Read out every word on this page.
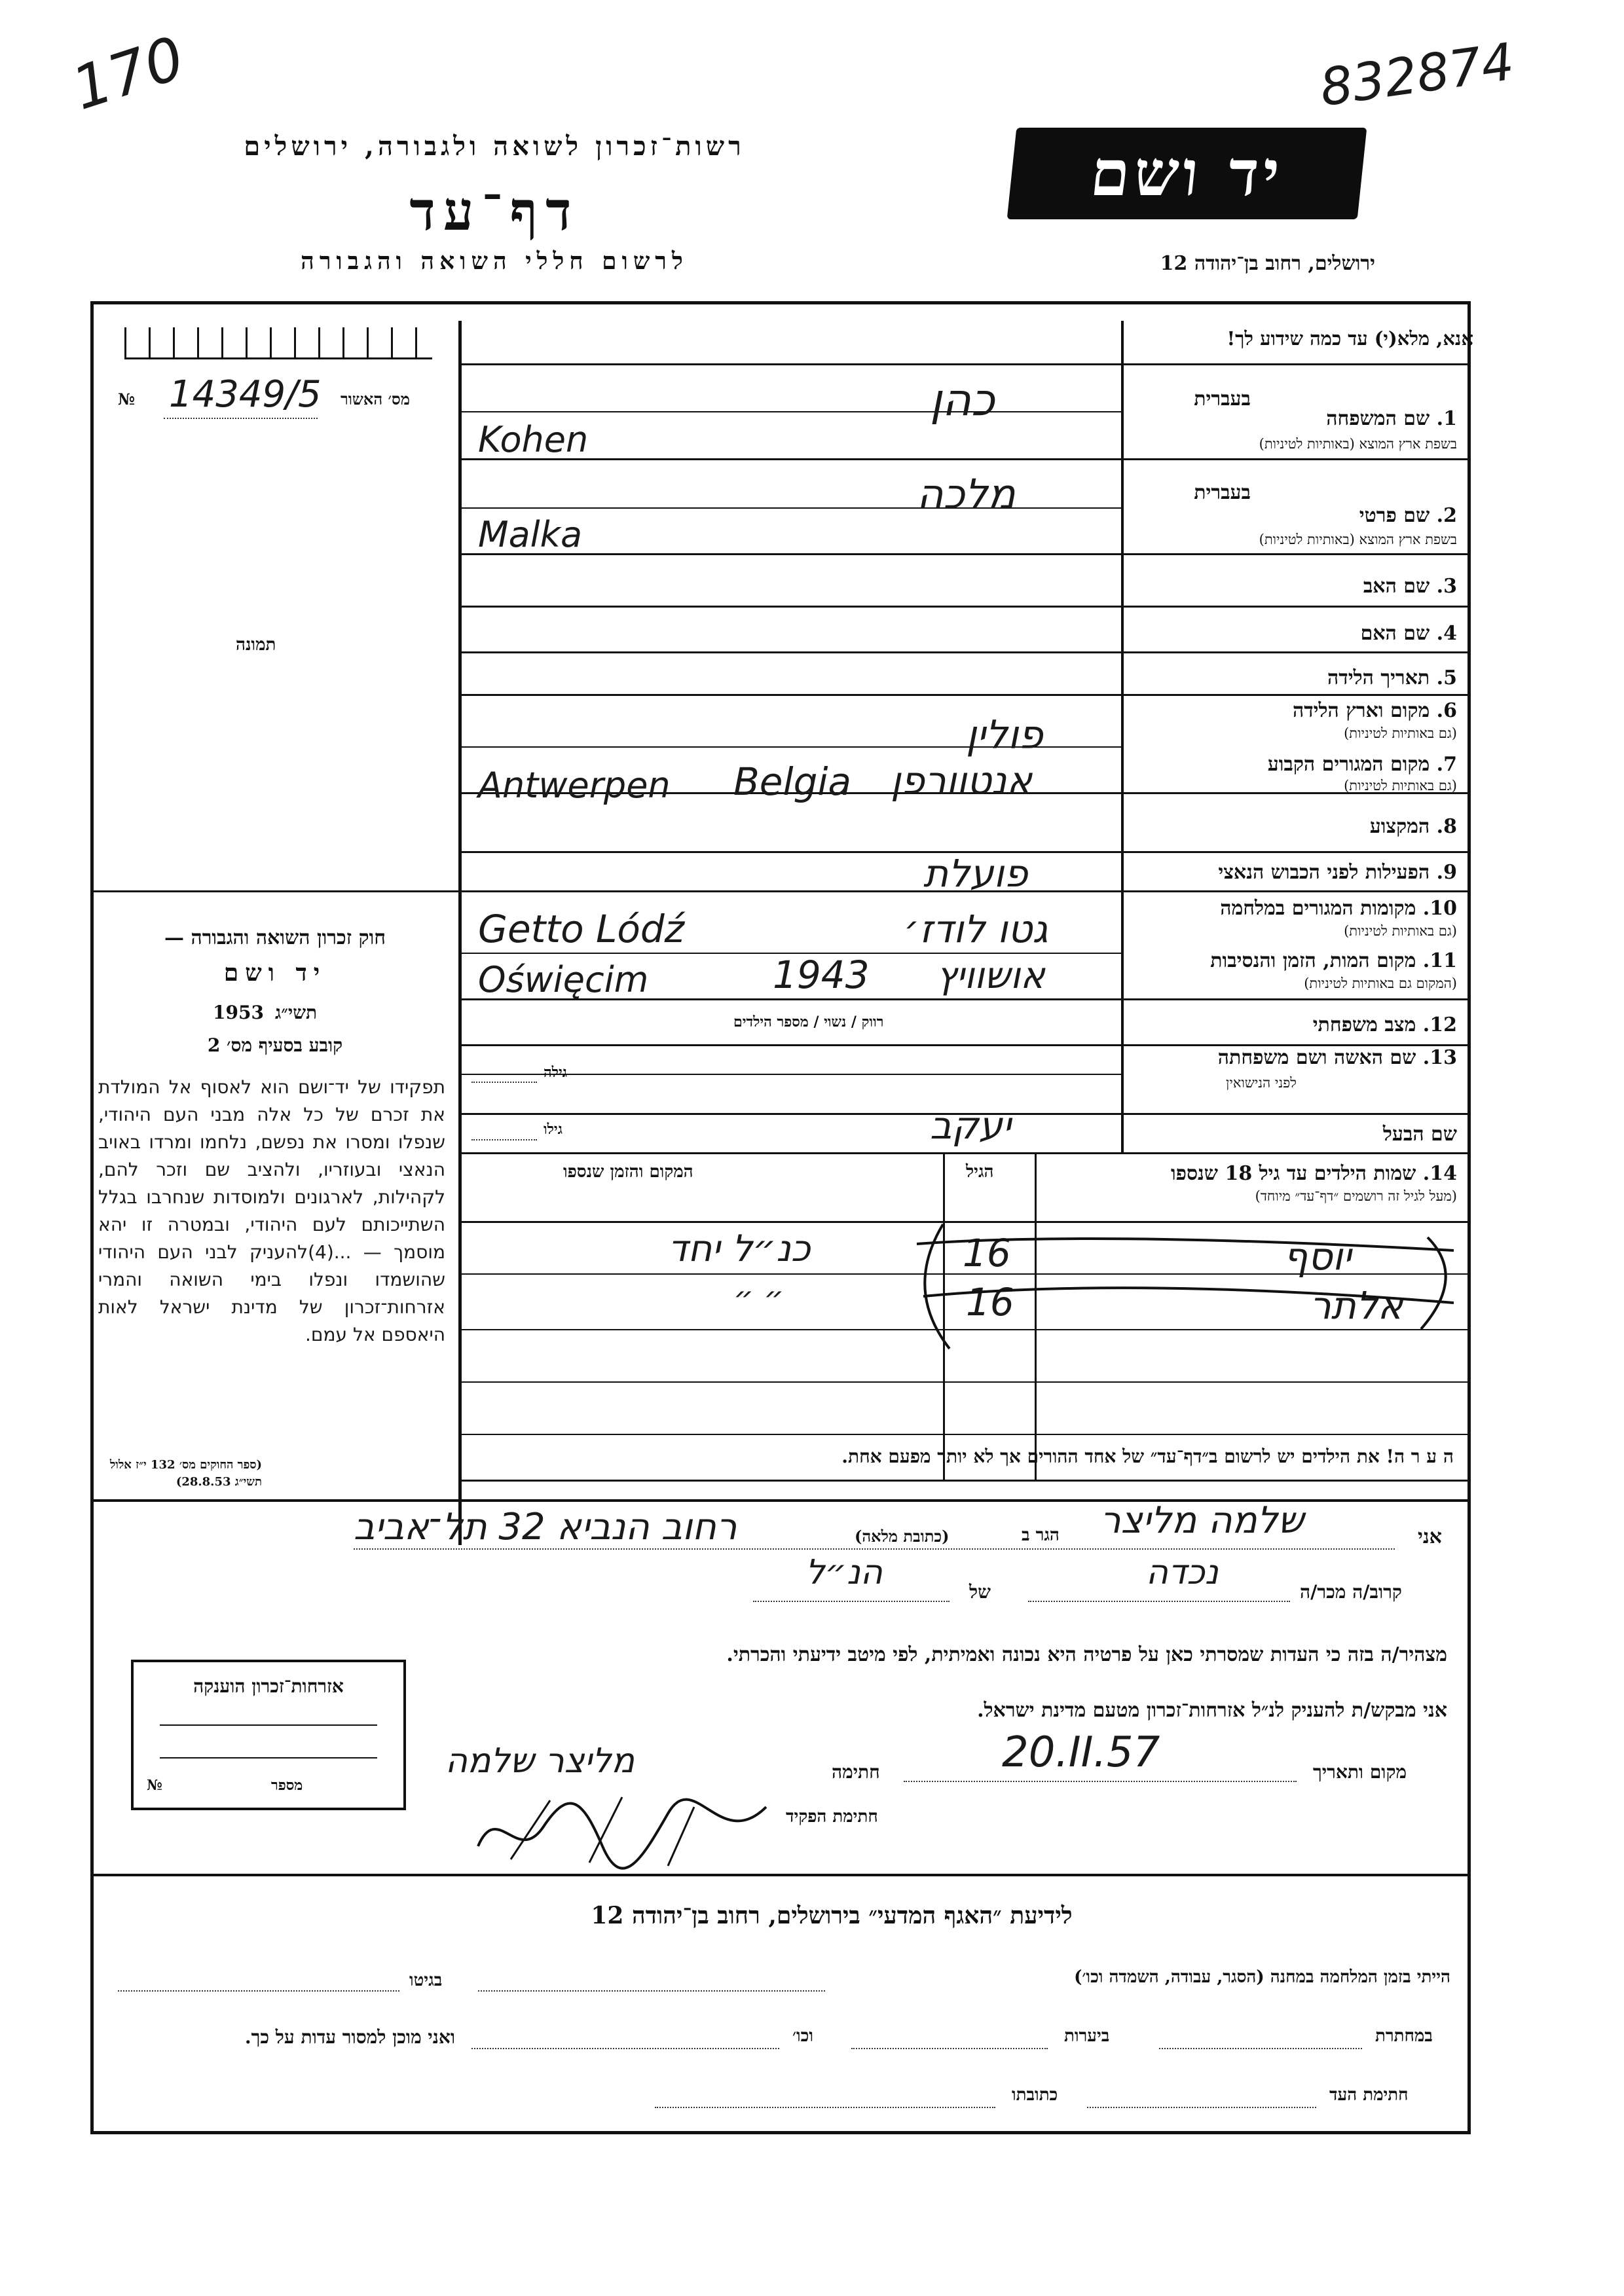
170	832874
רשות־זכרון לשואה ולגבורה, ירושלים
דף־עד
לרשום חללי השואה והגבורה
יד ושם
ירושלים, רחוב בן־יהודה 12
אנא, מלא(י) עד כמה שידוע לך!
מס׳ האשור
№ 14349/5
תמונה
חוק זכרון השואה והגבורה —
יד ושם
תשי״ג
1953
קובע בסעיף מס׳ 2
תפקידו של יד־ושם הוא לאסוף אל המולדת את זכרם של כל אלה מבני העם היהודי, שנפלו ומסרו את נפשם, נלחמו ומרדו באויב הנאצי ובעוזריו, ולהציב שם וזכר להם, לקהילות, לארגונים ולמוסדות שנחרבו בגלל השתייכותם לעם היהודי, ובמטרה זו יהא מוסמך — ...(4)להעניק לבני העם היהודי שהושמדו ונפלו בימי השואה והמרי אזרחות־זכרון של מדינת ישראל לאות היאספם אל עמם.
(ספר החוקים מס׳ 132 י״ז אלול תשי״ג 28.8.53)
בעברית
1. שם המשפחה
בשפת ארץ המוצא (באותיות לטיניות)
כהן
Kohen
בעברית
2. שם פרטי
בשפת ארץ המוצא (באותיות לטיניות)
מלכה
Malka
3. שם האב
4. שם האם
5. תאריך הלידה
6. מקום וארץ הלידה
(גם באותיות לטיניות)
פולין
7. מקום המגורים הקבוע
(גם באותיות לטיניות)
Antwerpen Belgia אנטוורפן
8. המקצוע
9. הפעילות לפני הכבוש הנאצי
פועלת
10. מקומות המגורים במלחמה
(גם באותיות לטיניות)
Getto Lódź	גטו לודז׳
11. מקום המות, הזמן והנסיבות
(המקום גם באותיות לטיניות)
Oświęcim	1943 אושוויץ
12. מצב משפחתי
רווק / נשוי / מספר הילדים
13. שם האשה ושם משפחתה
לפני הנישואין
גילה
שם הבעל
יעקב
גילו
14. שמות הילדים עד גיל 18 שנספו
(מעל לגיל זה רושמים ״דף־עד״ מיוחד)
הגיל
המקום והזמן שנספו
יוסף
16
כנ״ל יחד
אלתר
16
״ ״
ה ע ר ה! את הילדים יש לרשום ב״דף־עד״ של אחד ההורים אך לא יותר מפעם אחת.
אני
שלמה מליצר
הגר ב
(כתובת מלאה)
רחוב הנביא 32 תל־אביב
קרוב/ה מכר/ה
נכדה
של
הנ״ל
מצהיר/ה בזה כי העדות שמסרתי כאן על פרטיה היא נכונה ואמיתית, לפי מיטב ידיעתי והכרתי.
אני מבקש/ת להעניק לנ״ל אזרחות־זכרון מטעם מדינת ישראל.
מקום ותאריך
20.II.57
חתימה
מליצר שלמה
חתימת הפקיד
אזרחות־זכרון הוענקה
מספר
№
לידיעת ״האגף המדעי״ בירושלים, רחוב בן־יהודה 12
הייתי בזמן המלחמה במחנה (הסגר, עבודה, השמדה וכו׳)
בגיטו
במחתרת
ביערות
וכו׳
ואני מוכן למסור עדות על כך.
חתימת העד
כתובתו
